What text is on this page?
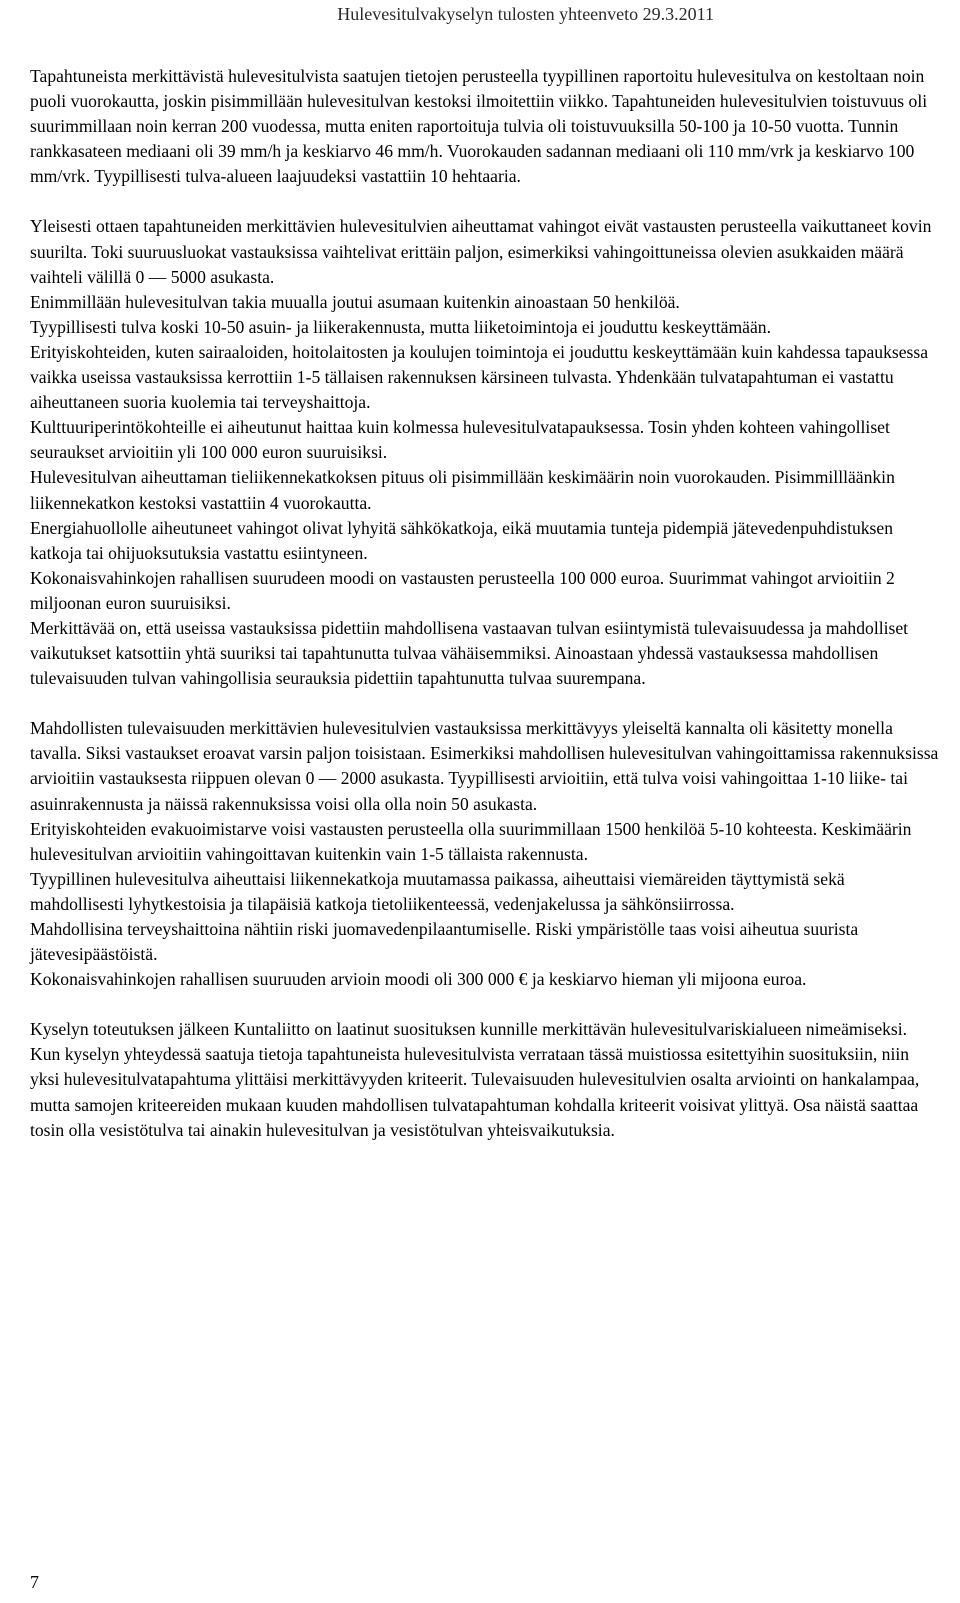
Hulevesitulvakyselyn tulosten yhteenveto 29.3.2011

Tapahtuneista merkittävistä hulevesitulvista saatujen tietojen perusteella tyypillinen raportoitu hulevesitulva on kestoltaan noin puoli vuorokautta, joskin pisimmillään hulevesitulvan kestoksi ilmoitettiin viikko. Tapahtuneiden hulevesitulvien toistuvuus oli suurimmillaan noin kerran 200 vuodessa, mutta eniten raportoituja tulvia oli toistuvuuksilla 50-100 ja 10-50 vuotta. Tunnin rankkasateen mediaani oli 39 mm/h ja keskiarvo 46 mm/h. Vuorokauden sadannan mediaani oli 110 mm/vrk ja keskiarvo 100 mm/vrk. Tyypillisesti tulva-alueen laajuudeksi vastattiin 10 hehtaaria.

Yleisesti ottaen tapahtuneiden merkittävien hulevesitulvien aiheuttamat vahingot eivät vastausten perusteella vaikuttaneet kovin suurilta. Toki suuruusluokat vastauksissa vaihtelivat erittäin paljon, esimerkiksi vahingoittuneissa olevien asukkaiden määrä vaihteli välillä 0 — 5000 asukasta.

Enimmillään hulevesitulvan takia muualla joutui asumaan kuitenkin ainoastaan 50 henkilöä.

Tyypillisesti tulva koski 10-50 asuin- ja liikerakennusta, mutta liiketoimintoja ei jouduttu keskeyttämään.

Erityiskohteiden, kuten sairaaloiden, hoitolaitosten ja koulujen toimintoja ei jouduttu keskeyttämään kuin kahdessa tapauksessa vaikka useissa vastauksissa kerrottiin 1-5 tällaisen rakennuksen kärsineen tulvasta. Yhdenkään tulvatapahtuman ei vastattu aiheuttaneen suoria kuolemia tai terveyshaittoja.

Kulttuuriperintökohteille ei aiheutunut haittaa kuin kolmessa hulevesitulvatapauksessa. Tosin yhden kohteen vahingolliset seuraukset arvioitiin yli 100 000 euron suuruisiksi.

Hulevesitulvan aiheuttaman tieliikennekatkoksen pituus oli pisimmillään keskimäärin noin vuorokauden. Pisimmillläänkin liikennekatkon kestoksi vastattiin 4 vuorokautta.

Energiahuollolle aiheutuneet vahingot olivat lyhyitä sähkökatkoja, eikä muutamia tunteja pidempiä jätevedenpuhdistuksen katkoja tai ohijuoksutuksia vastattu esiintyneen.

Kokonaisvahinkojen rahallisen suurudeen moodi on vastausten perusteella 100 000 euroa. Suurimmat vahingot arvioitiin 2 miljoonan euron suuruisiksi.

Merkittävää on, että useissa vastauksissa pidettiin mahdollisena vastaavan tulvan esiintymistä tulevaisuudessa ja mahdolliset vaikutukset katsottiin yhtä suuriksi tai tapahtunutta tulvaa vähäisemmiksi. Ainoastaan yhdessä vastauksessa mahdollisen tulevaisuuden tulvan vahingollisia seurauksia pidettiin tapahtunutta tulvaa suurempana.

Mahdollisten tulevaisuuden merkittävien hulevesitulvien vastauksissa merkittävyys yleiseltä kannalta oli käsitetty monella tavalla. Siksi vastaukset eroavat varsin paljon toisistaan. Esimerkiksi mahdollisen hulevesitulvan vahingoittamissa rakennuksissa arvioitiin vastauksesta riippuen olevan 0 — 2000 asukasta. Tyypillisesti arvioitiin, että tulva voisi vahingoittaa 1-10 liike- tai asuinrakennusta ja näissä rakennuksissa voisi olla olla noin 50 asukasta.

Erityiskohteiden evakuoimistarve voisi vastausten perusteella olla suurimmillaan 1500 henkilöä 5-10 kohteesta. Keskimäärin hulevesitulvan arvioitiin vahingoittavan kuitenkin vain 1-5 tällaista rakennusta.

Tyypillinen hulevesitulva aiheuttaisi liikennekatkoja muutamassa paikassa, aiheuttaisi viemäreiden täyttymistä sekä mahdollisesti lyhytkestoisia ja tilapäisiä katkoja tietoliikenteessä, vedenjakelussa ja sähkönsiirrossa.

Mahdollisina terveyshaittoina nähtiin riski juomavedenpilaantumiselle. Riski ympäristölle taas voisi aiheutua suurista jätevesipäästöistä.

Kokonaisvahinkojen rahallisen suuruuden arvioin moodi oli 300 000 € ja keskiarvo hieman yli mijoona euroa.

Kyselyn toteutuksen jälkeen Kuntaliitto on laatinut suosituksen kunnille merkittävän hulevesitulvariskialueen nimeämiseksi. Kun kyselyn yhteydessä saatuja tietoja tapahtuneista hulevesitulvista verrataan tässä muistiossa esitettyihin suosituksiin, niin yksi hulevesitulvatapahtuma ylittäisi merkittävyyden kriteerit. Tulevaisuuden hulevesitulvien osalta arviointi on hankalampaa, mutta samojen kriteereiden mukaan kuuden mahdollisen tulvatapahtuman kohdalla kriteerit voisivat ylittyä. Osa näistä saattaa tosin olla vesistötulva tai ainakin hulevesitulvan ja vesistötulvan yhteisvaikutuksia.

7
